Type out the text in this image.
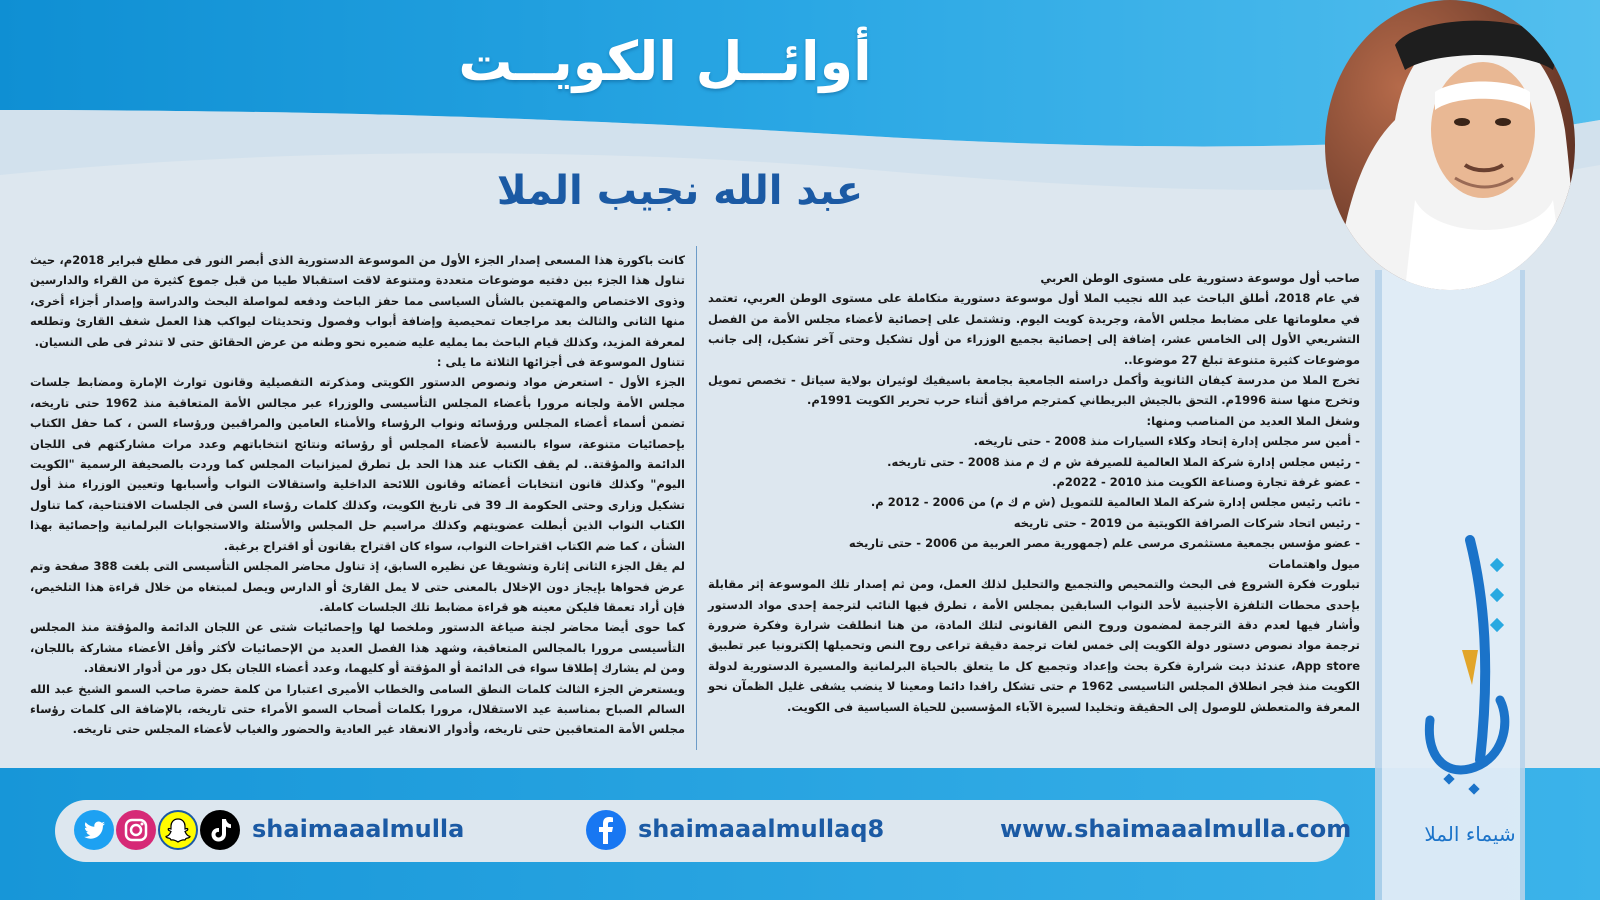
أوائــل الكويــت
عبد الله نجيب الملا

صاحب أول موسوعة دستورية على مستوى الوطن العربي

في عام 2018، أطلق الباحث عبد الله نجيب الملا أول موسوعة دستورية متكاملة على مستوى الوطن العربي، تعتمد في معلوماتها على مضابط مجلس الأمة، وجريدة كويت اليوم. وتشتمل على إحصائية لأعضاء مجلس الأمة من الفصل التشريعي الأول إلى الخامس عشر، إضافة إلى إحصائية بجميع الوزراء من أول تشكيل وحتى آخر تشكيل، إلى جانب موضوعات كثيرة متنوعة تبلغ 27 موضوعا..

تخرج الملا من مدرسة كيفان الثانوية وأكمل دراسته الجامعية بجامعة باسيفيك لوثيران بولاية سياتل - تخصص تمويل وتخرج منها سنة 1996م. التحق بالجيش البريطاني كمترجم مرافق أثناء حرب تحرير الكويت 1991م.

وشغل الملا العديد من المناصب ومنها:

- أمين سر مجلس إدارة إتحاد وكلاء السيارات منذ 2008 - حتى تاريخه.

- رئيس مجلس إدارة شركة الملا العالمية للصيرفة ش م ك م منذ 2008 - حتى تاريخه.

- عضو غرفة تجارة وصناعة الكويت منذ 2010 - 2022م.

- نائب رئيس مجلس إدارة شركة الملا العالمية للتمويل (ش م ك م) من 2006 - 2012 م.

- رئيس اتحاد شركات الصرافة الكويتية من 2019 - حتى تاريخه

- عضو مؤسس بجمعية مستثمرى مرسى علم (جمهورية مصر العربية من 2006 - حتى تاريخه

ميول واهتمامات

تبلورت فكرة الشروع فى البحث والتمحيص والتجميع والتحليل لذلك العمل، ومن ثم إصدار تلك الموسوعة إثر مقابلة بإحدى محطات التلفزة الأجنبية لأحد النواب السابقين بمجلس الأمة ، تطرق فيها النائب لترجمة إحدى مواد الدستور وأشار فيها لعدم دقة الترجمة لمضمون وروح النص القانونى لتلك المادة، من هنا انطلقت شرارة وفكرة ضرورة ترجمة مواد نصوص دستور دولة الكويت إلى خمس لغات ترجمة دقيقة تراعى روح النص وتحميلها إلكترونيا عبر تطبيق App store، عندئذ دبت شرارة فكرة بحث وإعداد وتجميع كل ما يتعلق بالحياة البرلمانية والمسيرة الدستورية لدولة الكويت منذ فجر انطلاق المجلس التاسيسى 1962 م حتى تشكل رافدا دائما ومعينا لا ينضب يشفى غليل الظمآن نحو المعرفة والمتعطش للوصول إلى الحقيقة وتخليدا لسيرة الآباء المؤسسين للحياة السياسية فى الكويت.

كانت باكورة هذا المسعى إصدار الجزء الأول من الموسوعة الدستورية الذى أبصر النور فى مطلع فبراير 2018م، حيث تناول هذا الجزء بين دفتيه موضوعات متعددة ومتنوعة لاقت استقبالا طيبا من قبل جموع كثيرة من القراء والدارسين وذوى الاختصاص والمهتمين بالشأن السياسى مما حفز الباحث ودفعه لمواصلة البحث والدراسة وإصدار أجزاء أخرى، منها الثانى والثالث بعد مراجعات تمحيصية وإضافة أبواب وفصول وتحديثات ليواكب هذا العمل شغف القارئ وتطلعه لمعرفة المزيد، وكذلك قيام الباحث بما يمليه عليه ضميره نحو وطنه من عرض الحقائق حتى لا تندثر فى طى النسيان.

تتناول الموسوعة فى أجزائها الثلاثة ما يلى :

الجزء الأول - استعرض مواد ونصوص الدستور الكويتى ومذكرته التفصيلية وقانون توارث الإمارة ومضابط جلسات مجلس الأمة ولجانه مرورا بأعضاء المجلس التأسيسى والوزراء عبر مجالس الأمة المتعاقبة منذ 1962 حتى تاريخه، تضمن أسماء أعضاء المجلس ورؤسائه ونواب الرؤساء والأمناء العامين والمراقبين ورؤساء السن ، كما حفل الكتاب بإحصائيات متنوعة، سواء بالنسبة لأعضاء المجلس أو رؤسائه ونتائج انتخاباتهم وعدد مرات مشاركتهم فى اللجان الدائمة والمؤقتة.. لم يقف الكتاب عند هذا الحد بل تطرق لميزانيات المجلس كما وردت بالصحيفة الرسمية "الكويت اليوم" وكذلك قانون انتخابات أعضائه وقانون اللائحة الداخلية واستقالات النواب وأسبابها وتعيين الوزراء منذ أول تشكيل وزارى وحتى الحكومة الـ 39 فى تاريخ الكويت، وكذلك كلمات رؤساء السن فى الجلسات الافتتاحية، كما تناول الكتاب النواب الذين أبطلت عضويتهم وكذلك مراسيم حل المجلس والأسئلة والاستجوابات البرلمانية وإحصائية بهذا الشأن ، كما ضم الكتاب اقتراحات النواب، سواء كان اقتراح بقانون أو اقتراح برغبة.

لم يقل الجزء الثانى إثارة وتشويقا عن نظيره السابق، إذ تناول محاضر المجلس التأسيسى التى بلغت 388 صفحة وتم عرض فحواها بإيجاز دون الإخلال بالمعنى حتى لا يمل القارئ أو الدارس ويصل لمبتغاه من خلال قراءة هذا التلخيص، فإن أراد تعمقا فليكن معينه هو قراءة مضابط تلك الجلسات كاملة.

كما حوى أيضا محاضر لجنة صياغة الدستور وملخصا لها وإحصائيات شتى عن اللجان الدائمة والمؤقتة منذ المجلس التأسيسى مرورا بالمجالس المتعاقبة، وشهد هذا الفصل العديد من الإحصائيات لأكثر وأقل الأعضاء مشاركة باللجان، ومن لم يشارك إطلاقا سواء فى الدائمة أو المؤقتة أو كليهما، وعدد أعضاء اللجان بكل دور من أدوار الانعقاد.

ويستعرض الجزء الثالث كلمات النطق السامى والخطاب الأميرى اعتبارا من كلمة حضرة صاحب السمو الشيخ عبد الله السالم الصباح بمناسبة عيد الاستقلال، مرورا بكلمات أصحاب السمو الأمراء حتى تاريخه، بالإضافة الى كلمات رؤساء مجلس الأمة المتعاقبين حتى تاريخه، وأدوار الانعقاد غير العادية والحضور والغياب لأعضاء المجلس حتى تاريخه.

شيماء الملا
www.shaimaaalmulla.com
shaimaaalmullaq8
shaimaaalmulla
